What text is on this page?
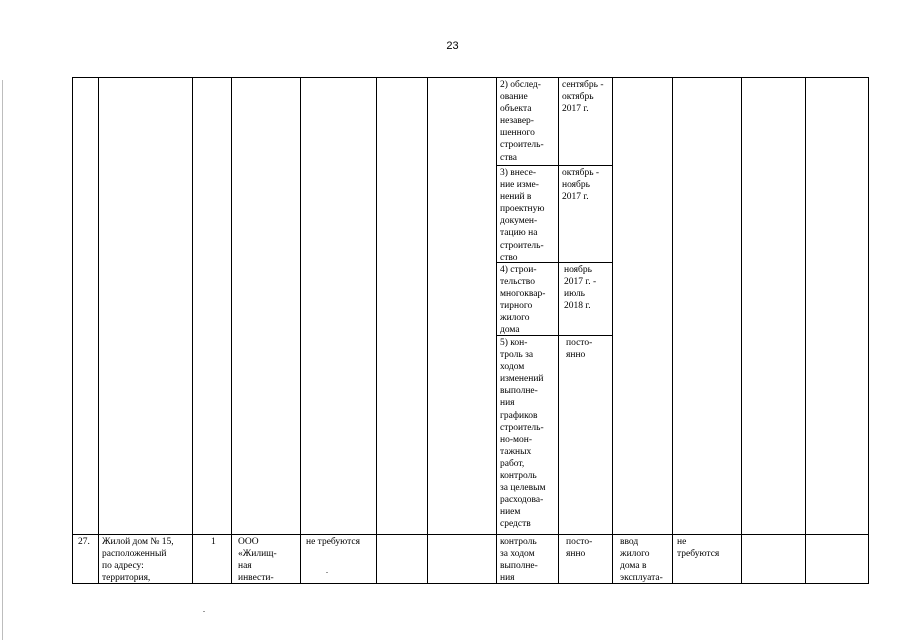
23
2) обслед-
ование
объекта
незавер-
шенного
строитель-
ства
сентябрь -
октябрь
2017 г.
3) внесе-
ние изме-
нений в
проектную
докумен-
тацию на
строитель-
ство
октябрь -
ноябрь
2017 г.
4) строи-
тельство
многоквар-
тирного
жилого
дома
ноябрь
2017 г. -
июль
2018 г.
5) кон-
троль за
ходом
изменений
выполне-
ния
графиков
строитель-
но-мон-
тажных
работ,
контроль
за целевым
расходова-
нием
средств
посто-
янно
27. Жилой дом № 15,
расположенный
по адресу:
территория,
1 ООО
«Жилищ-
ная
инвести-
не требуются	контроль
за ходом
выполне-
ния
посто-
янно
ввод
жилого
дома в
эксплуата-
не
требуются
